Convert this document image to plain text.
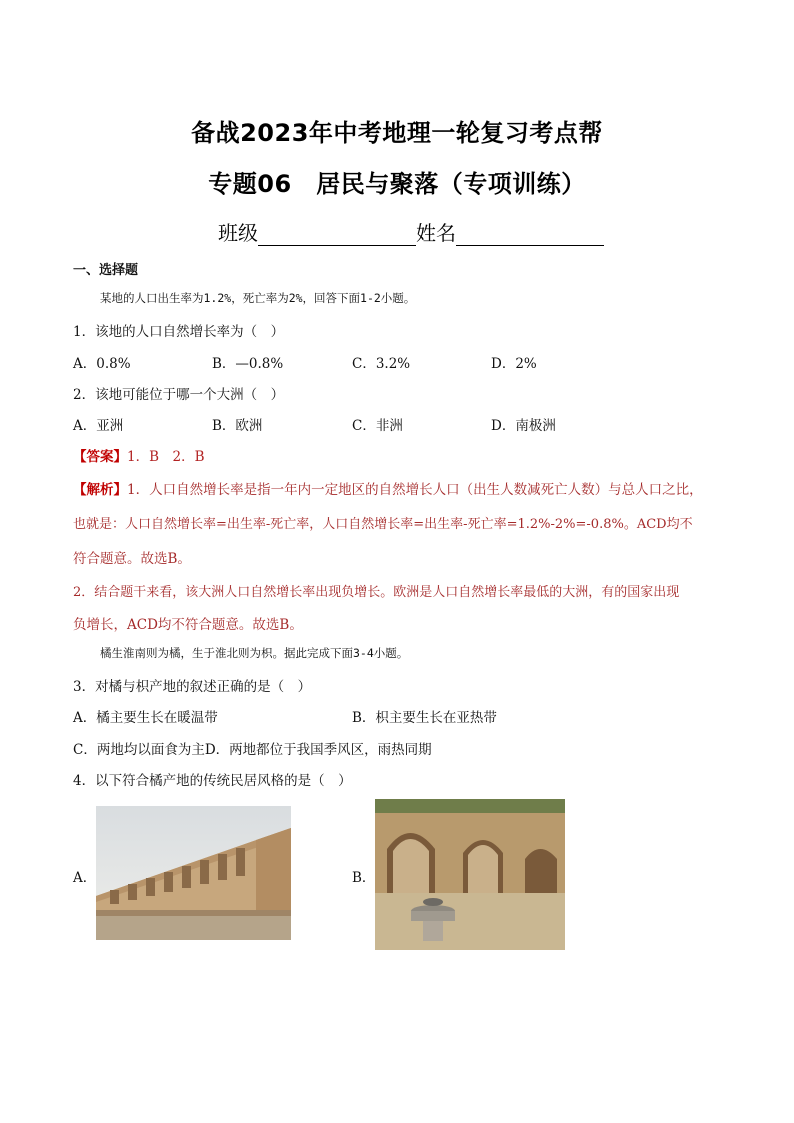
备战2023年中考地理一轮复习考点帮
专题06　居民与聚落（专项训练）
班级	姓名
一、选择题
某地的人口出生率为1.2%，死亡率为2%，回答下面1-2小题。
1．该地的人口自然增长率为（　）
A．0.8%	B．—0.8%	C．3.2%	D．2%
2．该地可能位于哪一个大洲（　）
A．亚洲	B．欧洲	C．非洲	D．南极洲
【答案】1．B　2．B
【解析】1．人口自然增长率是指一年内一定地区的自然增长人口（出生人数减死亡人数）与总人口之比，
也就是：人口自然增长率=出生率-死亡率，人口自然增长率=出生率-死亡率=1.2%-2%=-0.8%。ACD均不
符合题意。故选B。
2．结合题干来看，该大洲人口自然增长率出现负增长。欧洲是人口自然增长率最低的大洲，有的国家出现
负增长，ACD均不符合题意。故选B。
橘生淮南则为橘，生于淮北则为枳。据此完成下面3-4小题。
3．对橘与枳产地的叙述正确的是（　）
A．橘主要生长在暖温带	B．枳主要生长在亚热带
C．两地均以面食为主D．两地都位于我国季风区，雨热同期
4．以下符合橘产地的传统民居风格的是（　）
A．	B．
